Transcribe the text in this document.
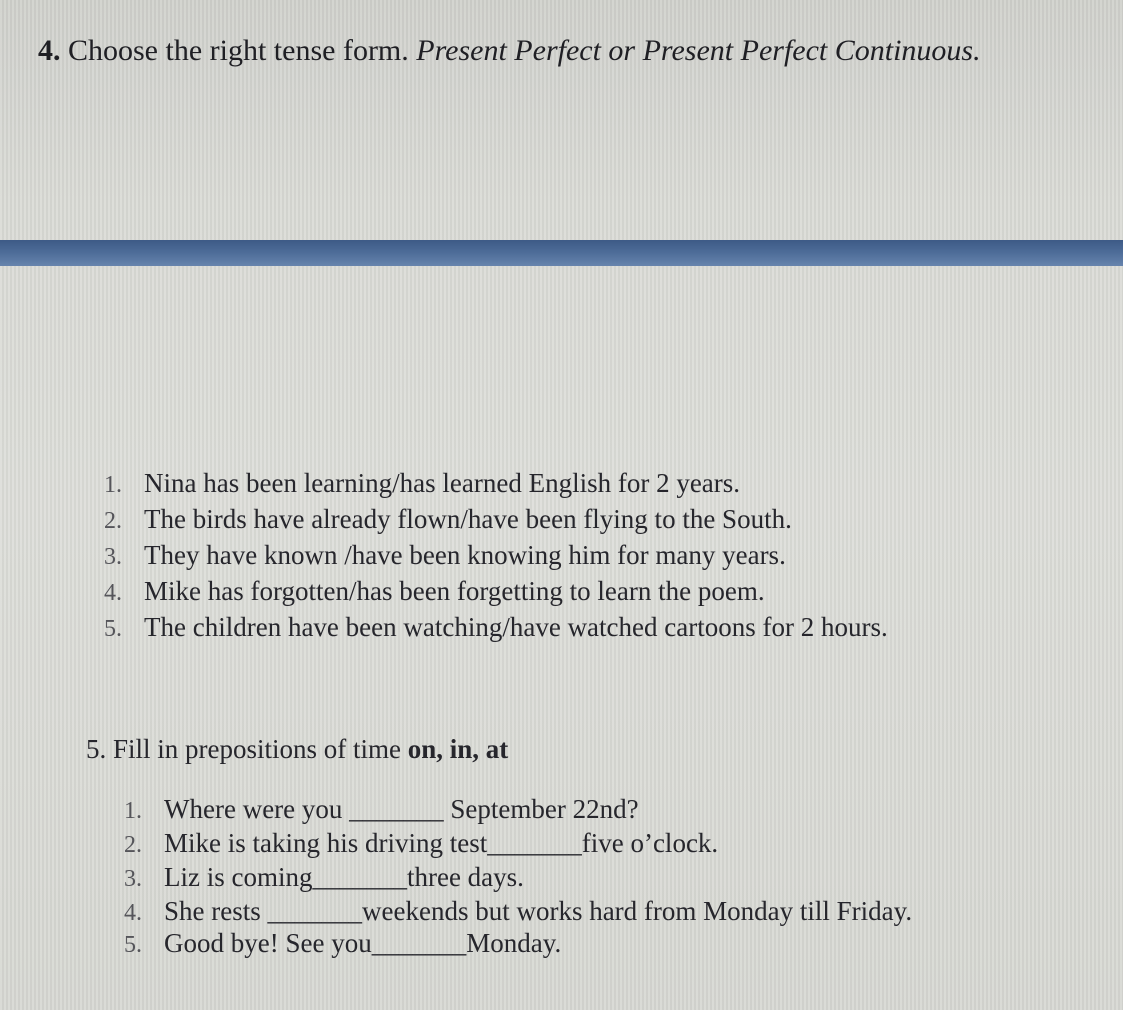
4. Choose the right tense form. Present Perfect or Present Perfect Continuous.
1. Nina has been learning/has learned English for 2 years.
2. The birds have already flown/have been flying to the South.
3. They have known /have been knowing him for many years.
4. Mike has forgotten/has been forgetting to learn the poem.
5. The children have been watching/have watched cartoons for 2 hours.
5. Fill in prepositions of time on, in, at
1. Where were you _______ September 22nd?
2. Mike is taking his driving test_______five o’clock.
3. Liz is coming_______three days.
4. She rests _______weekends but works hard from Monday till Friday.
5. Good bye! See you_______Monday.
